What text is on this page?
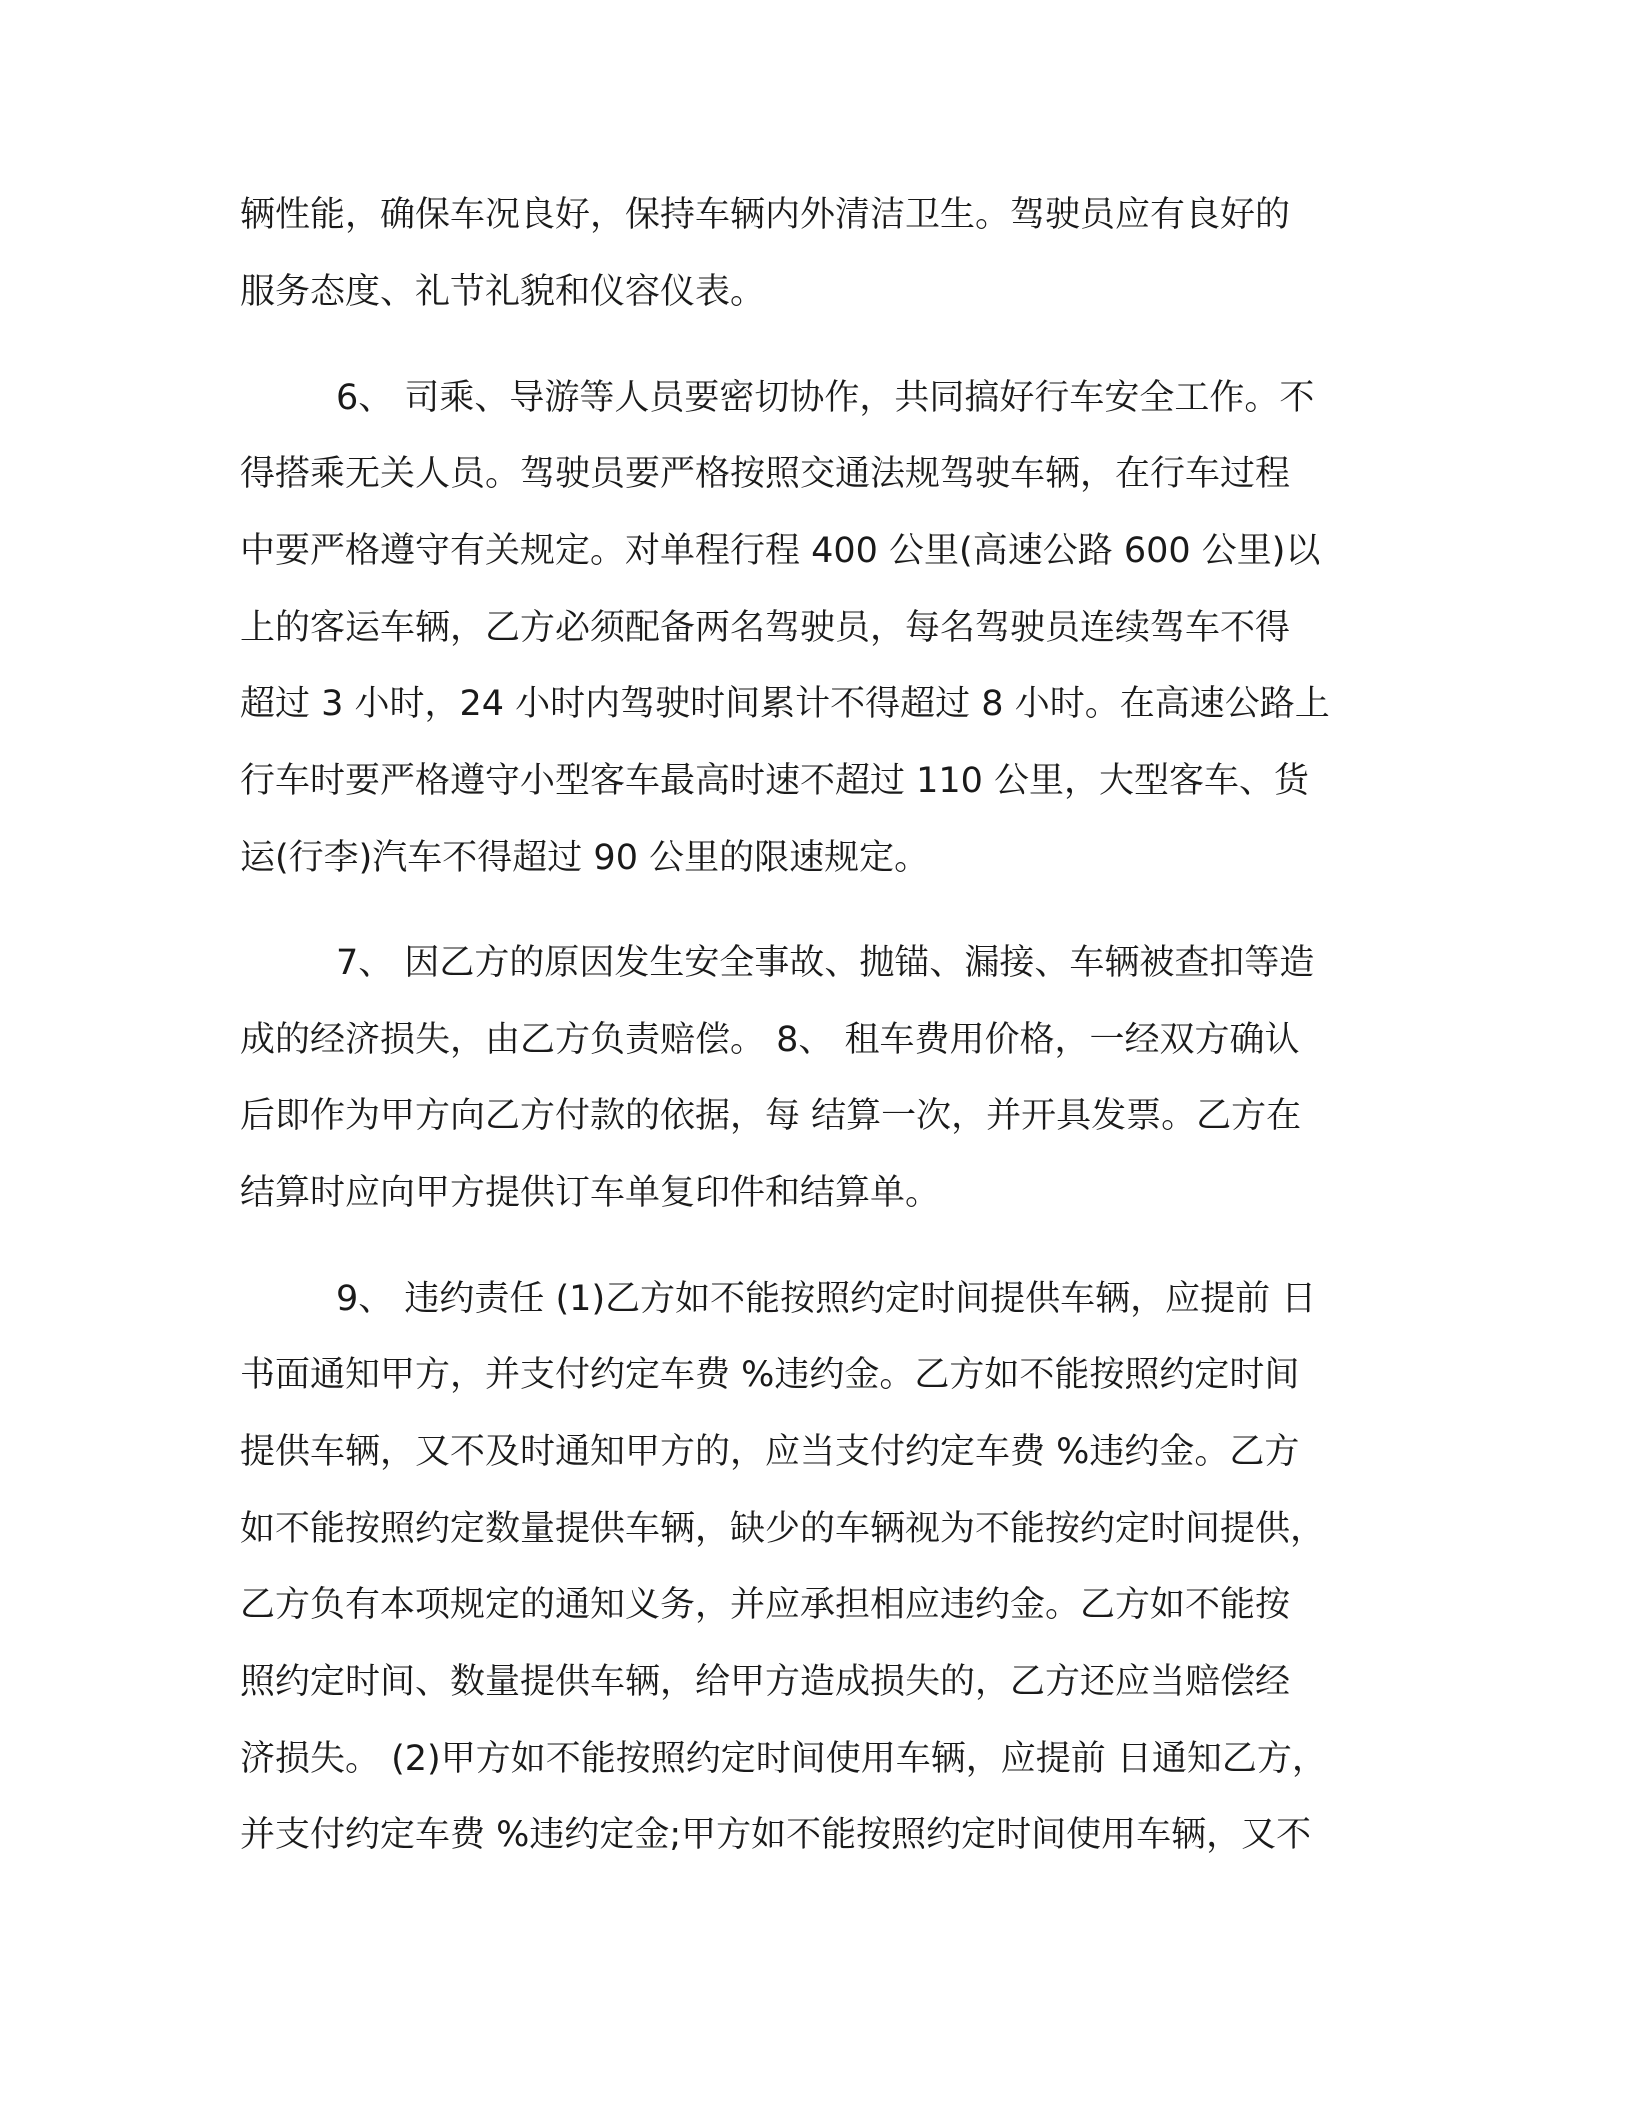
辆性能，确保车况良好，保持车辆内外清洁卫生。驾驶员应有良好的
服务态度、礼节礼貌和仪容仪表。
6、 司乘、导游等人员要密切协作，共同搞好行车安全工作。不
得搭乘无关人员。驾驶员要严格按照交通法规驾驶车辆，在行车过程
中要严格遵守有关规定。对单程行程 400 公里(高速公路 600 公里)以
上的客运车辆，乙方必须配备两名驾驶员，每名驾驶员连续驾车不得
超过 3 小时，24 小时内驾驶时间累计不得超过 8 小时。在高速公路上
行车时要严格遵守小型客车最高时速不超过 110 公里，大型客车、货
运(行李)汽车不得超过 90 公里的限速规定。
7、 因乙方的原因发生安全事故、抛锚、漏接、车辆被查扣等造
成的经济损失，由乙方负责赔偿。 8、 租车费用价格，一经双方确认
后即作为甲方向乙方付款的依据，每 结算一次，并开具发票。乙方在
结算时应向甲方提供订车单复印件和结算单。
9、 违约责任 (1)乙方如不能按照约定时间提供车辆，应提前 日
书面通知甲方，并支付约定车费 %违约金。乙方如不能按照约定时间
提供车辆，又不及时通知甲方的，应当支付约定车费 %违约金。乙方
如不能按照约定数量提供车辆，缺少的车辆视为不能按约定时间提供，
乙方负有本项规定的通知义务，并应承担相应违约金。乙方如不能按
照约定时间、数量提供车辆，给甲方造成损失的，乙方还应当赔偿经
济损失。 (2)甲方如不能按照约定时间使用车辆，应提前 日通知乙方，
并支付约定车费 %违约定金;甲方如不能按照约定时间使用车辆，又不
